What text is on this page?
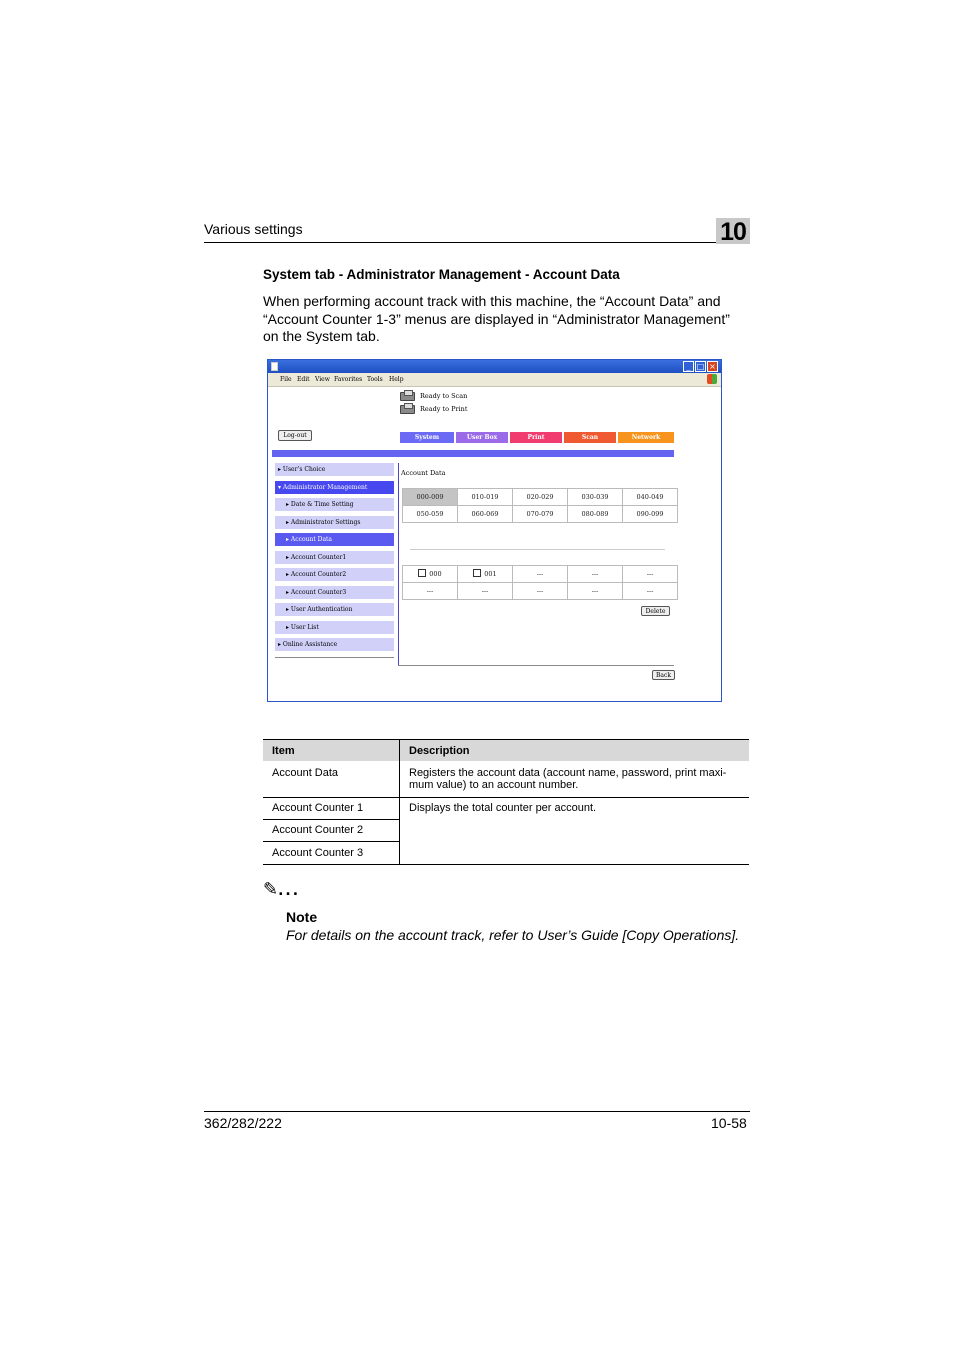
Various settings	10
System tab - Administrator Management - Account Data

When performing account track with this machine, the “Account Data” and

“Account Counter 1-3” menus are displayed in “Administrator Management”

on the System tab.

_ □ ×
File Edit View Favorites Tools Help
Ready to Scan
Ready to Print
Log-out	System	User Box	Print	Scan	Network
▸ User’s Choice
▾ Administrator Management
▸ Date & Time Setting
▸ Administrator Settings
▸ Account Data
▸ Account Counter1
▸ Account Counter2
▸ Account Counter3
▸ User Authentication
▸ User List
▸ Online Assistance
Account Data
000-009	010-019	020-029	030-039	040-049
050-059	060-069	070-079	080-089	090-099
000	001	---	---	---
---	---	---	---	---
Delete
Back
Item	Description
Account Data	Registers the account data (account name, password, print maxi-
mum value) to an account number.
Account Counter 1	Displays the total counter per account.
Account Counter 2
Account Counter 3
✎...
Note
For details on the account track, refer to User’s Guide [Copy Operations].
362/282/222	10-58
